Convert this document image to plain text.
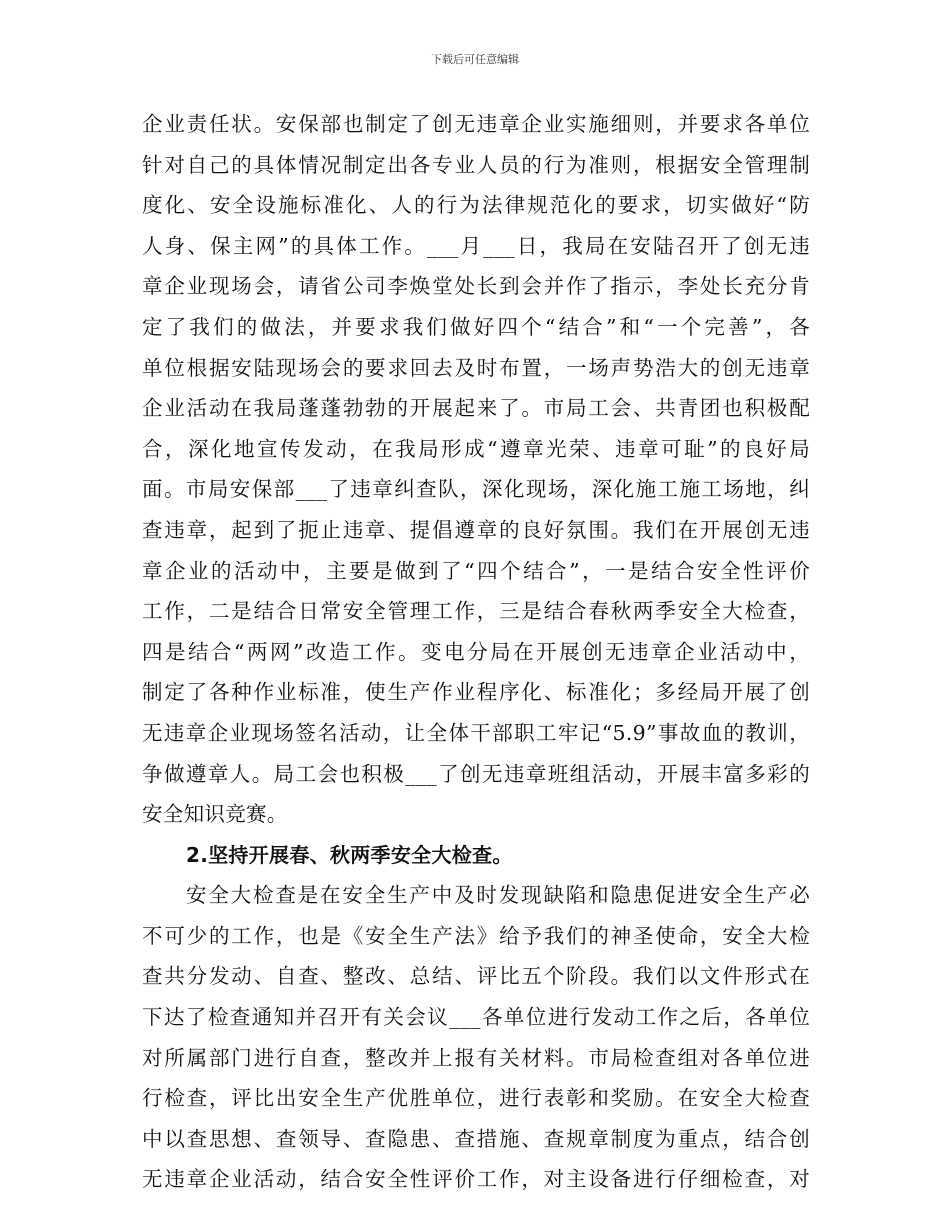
下载后可任意编辑
企业责任状。安保部也制定了创无违章企业实施细则，并要求各单位
针对自己的具体情况制定出各专业人员的行为准则，根据安全管理制
度化、安全设施标准化、人的行为法律规范化的要求，切实做好“防
人身、保主网”的具体工作。___月___日，我局在安陆召开了创无违
章企业现场会，请省公司李焕堂处长到会并作了指示，李处长充分肯
定了我们的做法，并要求我们做好四个“结合”和“一个完善”，各
单位根据安陆现场会的要求回去及时布置，一场声势浩大的创无违章
企业活动在我局蓬蓬勃勃的开展起来了。市局工会、共青团也积极配
合，深化地宣传发动，在我局形成“遵章光荣、违章可耻”的良好局
面。市局安保部___了违章纠查队，深化现场，深化施工施工场地，纠
查违章，起到了扼止违章、提倡遵章的良好氛围。我们在开展创无违
章企业的活动中，主要是做到了“四个结合”，一是结合安全性评价
工作，二是结合日常安全管理工作，三是结合春秋两季安全大检查，
四是结合“两网”改造工作。变电分局在开展创无违章企业活动中，
制定了各种作业标准，使生产作业程序化、标准化；多经局开展了创
无违章企业现场签名活动，让全体干部职工牢记“5.9”事故血的教训，
争做遵章人。局工会也积极___了创无违章班组活动，开展丰富多彩的
安全知识竞赛。
2.坚持开展春、秋两季安全大检查。
安全大检查是在安全生产中及时发现缺陷和隐患促进安全生产必
不可少的工作，也是《安全生产法》给予我们的神圣使命，安全大检
查共分发动、自查、整改、总结、评比五个阶段。我们以文件形式在
下达了检查通知并召开有关会议___各单位进行发动工作之后，各单位
对所属部门进行自查，整改并上报有关材料。市局检查组对各单位进
行检查，评比出安全生产优胜单位，进行表彰和奖励。在安全大检查
中以查思想、查领导、查隐患、查措施、查规章制度为重点，结合创
无违章企业活动，结合安全性评价工作，对主设备进行仔细检查，对
